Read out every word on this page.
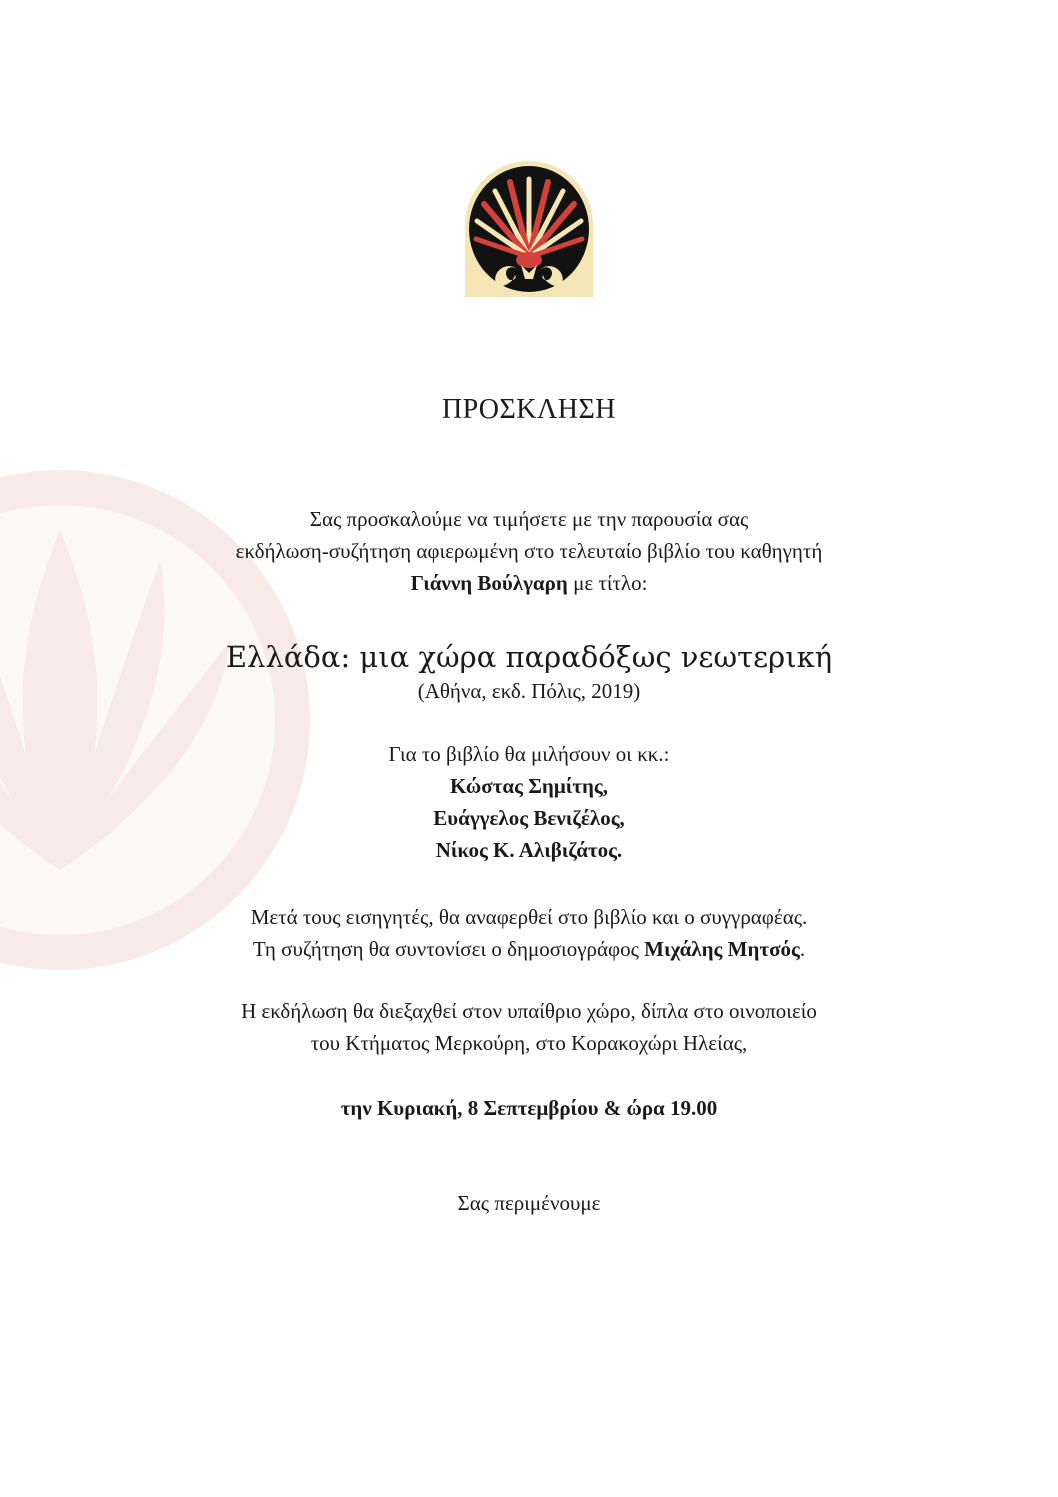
ΠΡΟΣΚΛΗΣΗ
Σας προσκαλούμε να τιμήσετε με την παρουσία σας
εκδήλωση-συζήτηση αφιερωμένη στο τελευταίο βιβλίο του καθηγητή
Γιάννη Βούλγαρη με τίτλο:
Ελλάδα: μια χώρα παραδόξως νεωτερική
(Αθήνα, εκδ. Πόλις, 2019)
Για το βιβλίο θα μιλήσουν οι κκ.:
Κώστας Σημίτης,
Ευάγγελος Βενιζέλος,
Νίκος Κ. Αλιβιζάτος.
Μετά τους εισηγητές, θα αναφερθεί στο βιβλίο και ο συγγραφέας.
Τη συζήτηση θα συντονίσει ο δημοσιογράφος Μιχάλης Μητσός.
Η εκδήλωση θα διεξαχθεί στον υπαίθριο χώρο, δίπλα στο οινοποιείο
του Κτήματος Μερκούρη, στο Κορακοχώρι Ηλείας,
την Κυριακή, 8 Σεπτεμβρίου & ώρα 19.00
Σας περιμένουμε
